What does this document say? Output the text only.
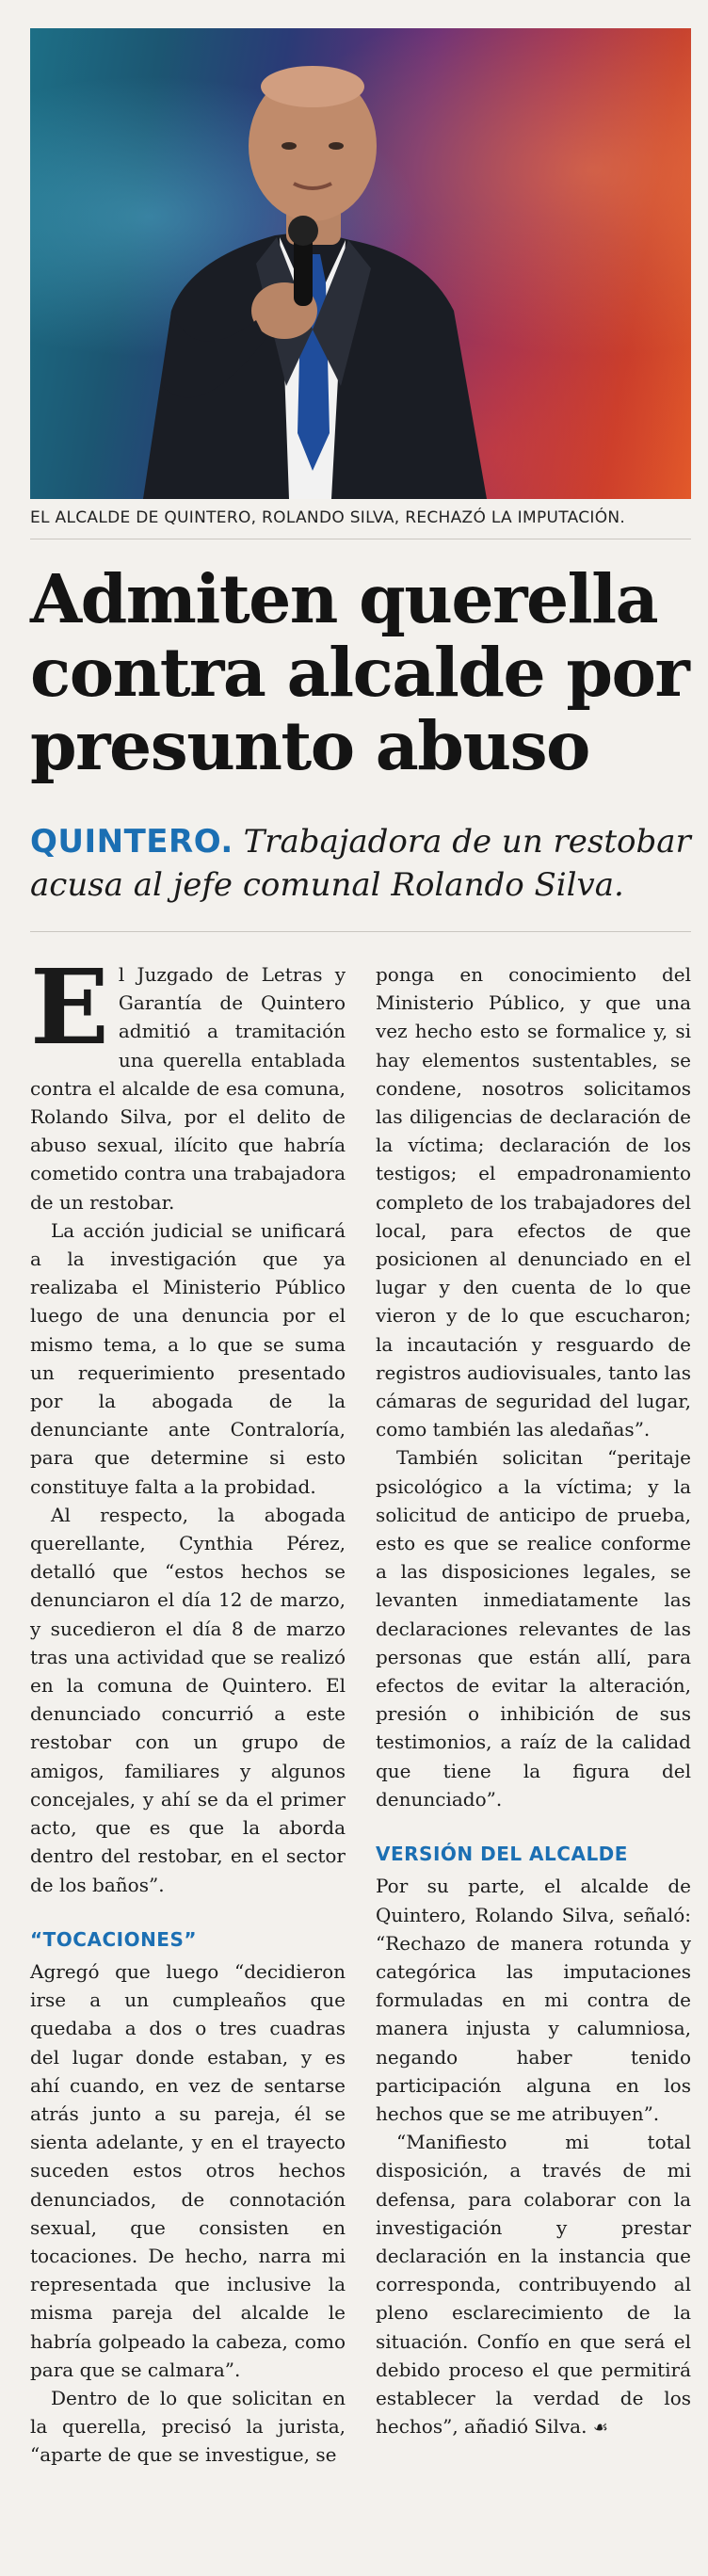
EL ALCALDE DE QUINTERO, ROLANDO SILVA, RECHAZÓ LA IMPUTACIÓN.
Admiten querella
contra alcalde por
presunto abuso
QUINTERO. Trabajadora de un restobar acusa al jefe comunal Rolando Silva.

El Juzgado de Letras y Garantía de Quintero admitió a tramitación una querella entablada contra el alcalde de esa comuna, Rolando Silva, por el delito de abuso sexual, ilícito que habría cometido contra una trabajadora de un restobar.

La acción judicial se unificará a la investigación que ya realizaba el Ministerio Público luego de una denuncia por el mismo tema, a lo que se suma un requerimiento presentado por la abogada de la denunciante ante Contraloría, para que determine si esto constituye falta a la probidad.

Al respecto, la abogada querellante, Cynthia Pérez, detalló que “estos hechos se denunciaron el día 12 de marzo, y sucedieron el día 8 de marzo tras una actividad que se realizó en la comuna de Quintero. El denunciado concurrió a este restobar con un grupo de amigos, familiares y algunos concejales, y ahí se da el primer acto, que es que la aborda dentro del restobar, en el sector de los baños”.

“TOCACIONES”

Agregó que luego “decidieron irse a un cumpleaños que quedaba a dos o tres cuadras del lugar donde estaban, y es ahí cuando, en vez de sentarse atrás junto a su pareja, él se sienta adelante, y en el trayecto suceden estos otros hechos denunciados, de connotación sexual, que consisten en tocaciones. De hecho, narra mi representada que inclusive la misma pareja del alcalde le habría golpeado la cabeza, como para que se calmara”.

Dentro de lo que solicitan en la querella, precisó la jurista, “aparte de que se investigue, se

ponga en conocimiento del Ministerio Público, y que una vez hecho esto se formalice y, si hay elementos sustentables, se condene, nosotros solicitamos las diligencias de declaración de la víctima; declaración de los testigos; el empadronamiento completo de los trabajadores del local, para efectos de que posicionen al denunciado en el lugar y den cuenta de lo que vieron y de lo que escucharon; la incautación y resguardo de registros audiovisuales, tanto las cámaras de seguridad del lugar, como también las aledañas”.

También solicitan “peritaje psicológico a la víctima; y la solicitud de anticipo de prueba, esto es que se realice conforme a las disposiciones legales, se levanten inmediatamente las declaraciones relevantes de las personas que están allí, para efectos de evitar la alteración, presión o inhibición de sus testimonios, a raíz de la calidad que tiene la figura del denunciado”.

VERSIÓN DEL ALCALDE

Por su parte, el alcalde de Quintero, Rolando Silva, señaló: “Rechazo de manera rotunda y categórica las imputaciones formuladas en mi contra de manera injusta y calumniosa, negando haber tenido participación alguna en los hechos que se me atribuyen”.

“Manifiesto mi total disposición, a través de mi defensa, para colaborar con la investigación y prestar declaración en la instancia que corresponda, contribuyendo al pleno esclarecimiento de la situación. Confío en que será el debido proceso el que permitirá establecer la verdad de los hechos”, añadió Silva. ☙
